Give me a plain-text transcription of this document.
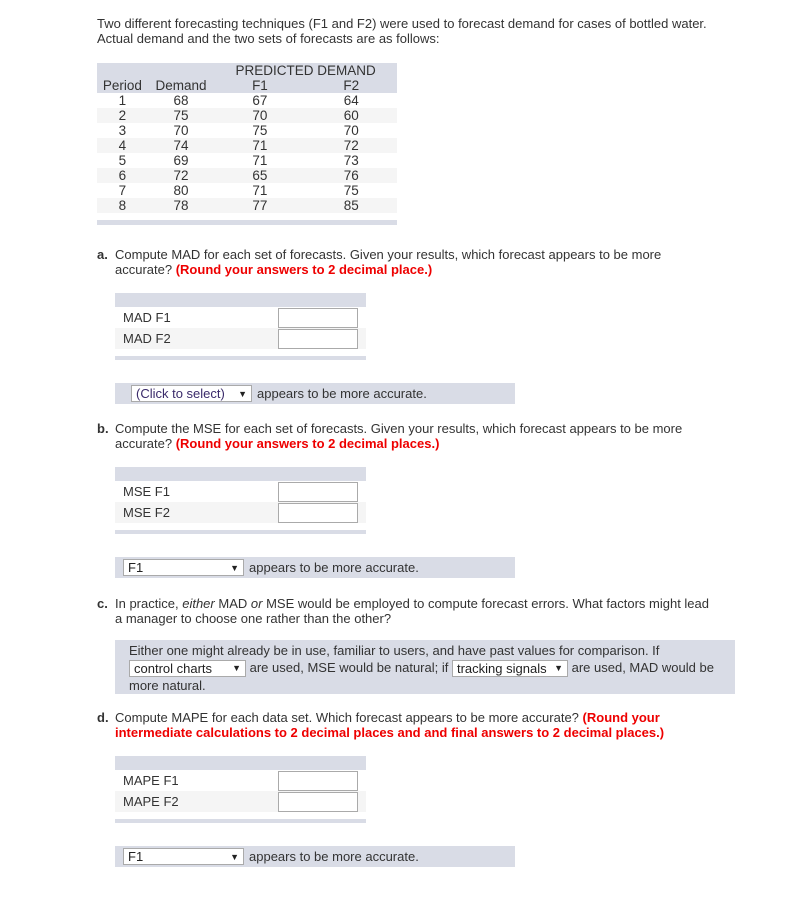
Two different forecasting techniques (F1 and F2) were used to forecast demand for cases of bottled water.

Actual demand and the two sets of forecasts are as follows:

		PREDICTED DEMAND	
Period	Demand	F1	F2
1	68	67	64
2	75	70	60
3	70	75	70
4	74	71	72
5	69	71	73
6	72	65	76
7	80	71	75
8	78	77	85

a. Compute MAD for each set of forecasts. Given your results, which forecast appears to be more

accurate? (Round your answers to 2 decimal place.)

MAD F1
MAD F2
(Click to select) ▼ appears to be more accurate.

b. Compute the MSE for each set of forecasts. Given your results, which forecast appears to be more

accurate? (Round your answers to 2 decimal places.)

MSE F1
MSE F2
F1	▼ appears to be more accurate.

c. In practice, either MAD or MSE would be employed to compute forecast errors. What factors might lead

a manager to choose one rather than the other?

Either one might already be in use, familiar to users, and have past values for comparison. If
control charts ▼ are used, MSE would be natural; if tracking signals ▼ are used, MAD would be
more natural.

d. Compute MAPE for each data set. Which forecast appears to be more accurate? (Round your

intermediate calculations to 2 decimal places and and final answers to 2 decimal places.)

MAPE F1
MAPE F2
F1	▼ appears to be more accurate.
